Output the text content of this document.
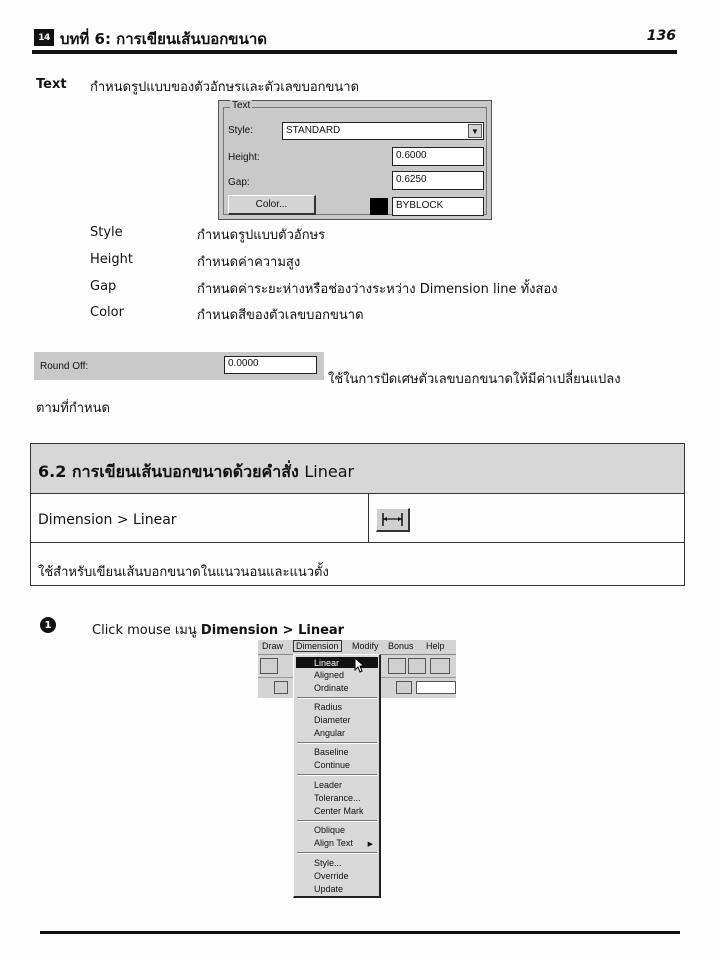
14 บทที่ 6: การเขียนเส้นบอกขนาด	136
Text กำหนดรูปแบบของตัวอักษรและตัวเลขบอกขนาด
Text
Style:	STANDARD	▼
Height:	0.6000
Gap:	0.6250
Color...	BYBLOCK
Style	กำหนดรูปแบบตัวอักษร
Height	กำหนดค่าความสูง
Gap	กำหนดค่าระยะห่างหรือช่องว่างระหว่าง Dimension line ทั้งสอง
Color	กำหนดสีของตัวเลขบอกขนาด
Round Off:	0.0000
ใช้ในการปัดเศษตัวเลขบอกขนาดให้มีค่าเปลี่ยนแปลง
ตามที่กำหนด
6.2 การเขียนเส้นบอกขนาดด้วยคำสั่ง Linear
Dimension > Linear
ใช้สำหรับเขียนเส้นบอกขนาดในแนวนอนและแนวตั้ง
1	Click mouse เมนู Dimension > Linear
Draw	Dimension	Modify Bonus Help
Linear
Aligned
Ordinate
Radius
Diameter
Angular
Baseline
Continue
Leader
Tolerance...
Center Mark
Oblique
Align Text ▶
Style...
Override
Update
